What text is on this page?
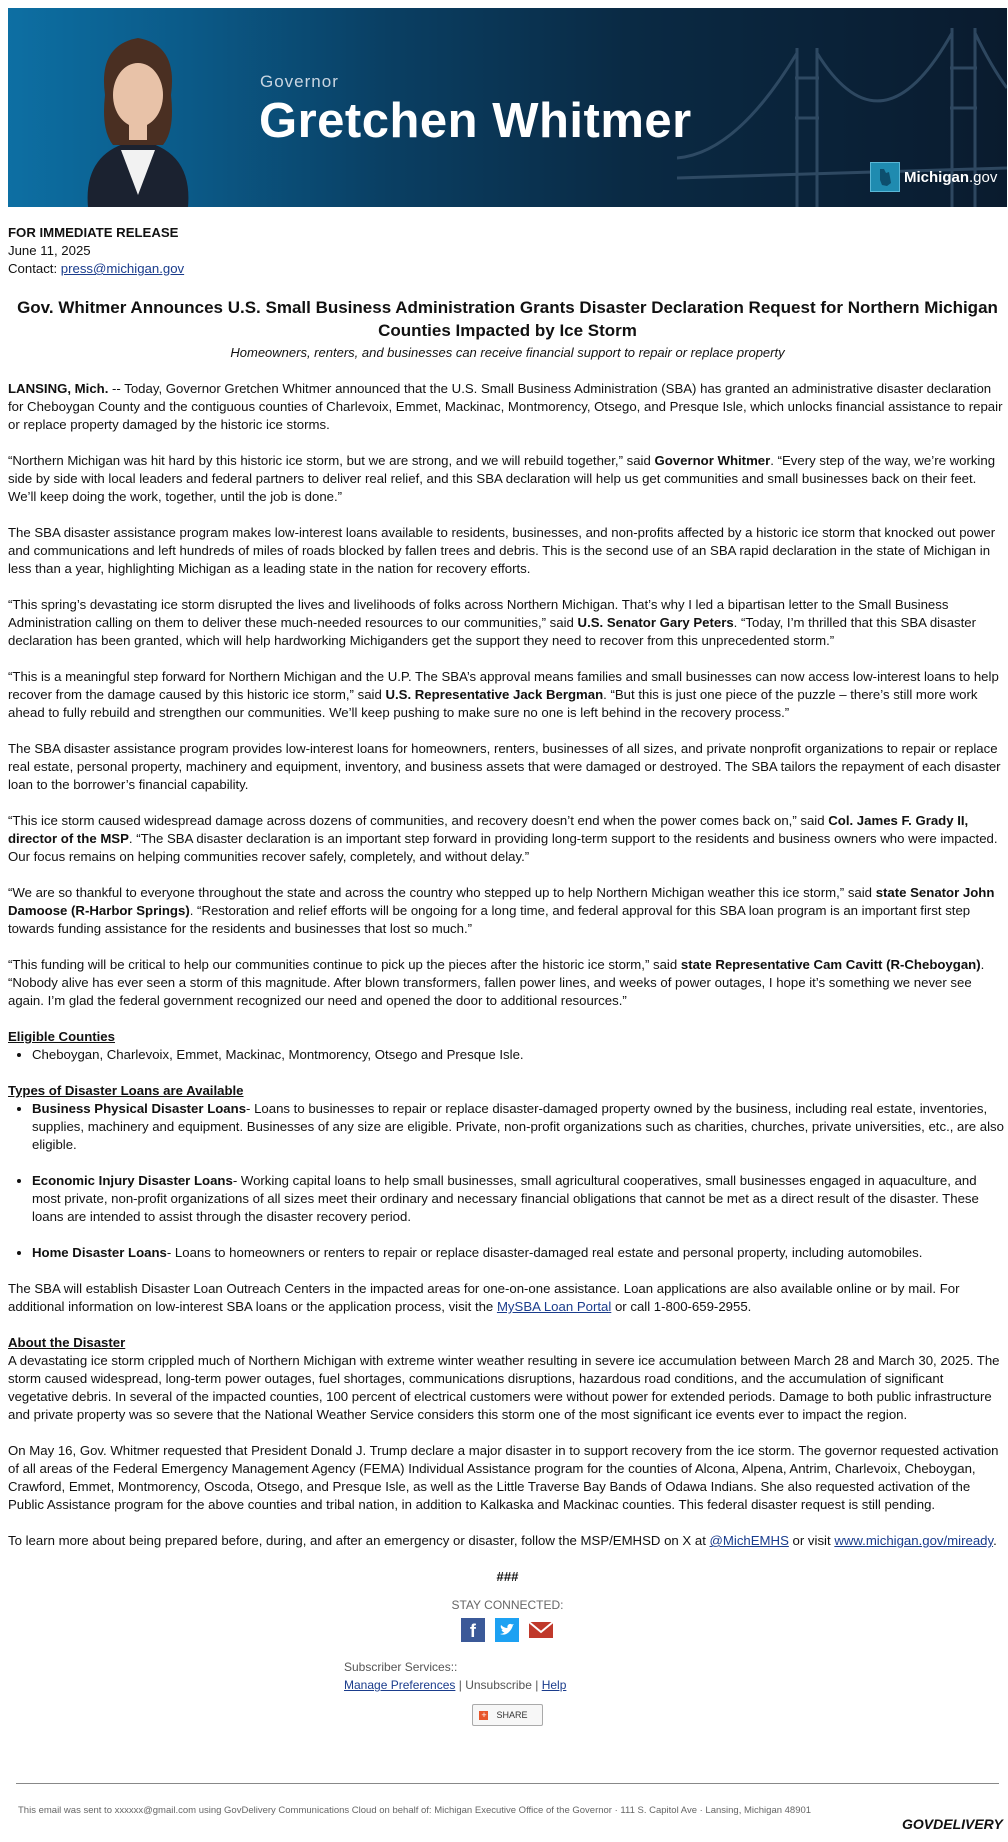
Governor
Gretchen Whitmer
Michigan.gov
FOR IMMEDIATE RELEASE
June 11, 2025
Contact: press@michigan.gov
Gov. Whitmer Announces U.S. Small Business Administration Grants Disaster Declaration Request for Northern Michigan Counties Impacted by Ice Storm
Homeowners, renters, and businesses can receive financial support to repair or replace property

LANSING, Mich. -- Today, Governor Gretchen Whitmer announced that the U.S. Small Business Administration (SBA) has granted an administrative disaster declaration for Cheboygan County and the contiguous counties of Charlevoix, Emmet, Mackinac, Montmorency, Otsego, and Presque Isle, which unlocks financial assistance to repair or replace property damaged by the historic ice storms.

“Northern Michigan was hit hard by this historic ice storm, but we are strong, and we will rebuild together,” said Governor Whitmer. “Every step of the way, we’re working side by side with local leaders and federal partners to deliver real relief, and this SBA declaration will help us get communities and small businesses back on their feet. We’ll keep doing the work, together, until the job is done.”

The SBA disaster assistance program makes low-interest loans available to residents, businesses, and non-profits affected by a historic ice storm that knocked out power and communications and left hundreds of miles of roads blocked by fallen trees and debris. This is the second use of an SBA rapid declaration in the state of Michigan in less than a year, highlighting Michigan as a leading state in the nation for recovery efforts.

“This spring’s devastating ice storm disrupted the lives and livelihoods of folks across Northern Michigan. That’s why I led a bipartisan letter to the Small Business Administration calling on them to deliver these much-needed resources to our communities,” said U.S. Senator Gary Peters. “Today, I’m thrilled that this SBA disaster declaration has been granted, which will help hardworking Michiganders get the support they need to recover from this unprecedented storm.”

“This is a meaningful step forward for Northern Michigan and the U.P. The SBA’s approval means families and small businesses can now access low-interest loans to help recover from the damage caused by this historic ice storm,” said U.S. Representative Jack Bergman. “But this is just one piece of the puzzle – there’s still more work ahead to fully rebuild and strengthen our communities. We’ll keep pushing to make sure no one is left behind in the recovery process.”

The SBA disaster assistance program provides low-interest loans for homeowners, renters, businesses of all sizes, and private nonprofit organizations to repair or replace real estate, personal property, machinery and equipment, inventory, and business assets that were damaged or destroyed. The SBA tailors the repayment of each disaster loan to the borrower’s financial capability.

“This ice storm caused widespread damage across dozens of communities, and recovery doesn’t end when the power comes back on,” said Col. James F. Grady II, director of the MSP. “The SBA disaster declaration is an important step forward in providing long-term support to the residents and business owners who were impacted. Our focus remains on helping communities recover safely, completely, and without delay.”

“We are so thankful to everyone throughout the state and across the country who stepped up to help Northern Michigan weather this ice storm,” said state Senator John Damoose (R-Harbor Springs). “Restoration and relief efforts will be ongoing for a long time, and federal approval for this SBA loan program is an important first step towards funding assistance for the residents and businesses that lost so much.”

“This funding will be critical to help our communities continue to pick up the pieces after the historic ice storm,” said state Representative Cam Cavitt (R-Cheboygan). “Nobody alive has ever seen a storm of this magnitude. After blown transformers, fallen power lines, and weeks of power outages, I hope it’s something we never see again. I’m glad the federal government recognized our need and opened the door to additional resources.”

Eligible Counties
• Cheboygan, Charlevoix, Emmet, Mackinac, Montmorency, Otsego and Presque Isle.
Types of Disaster Loans are Available
• Business Physical Disaster Loans- Loans to businesses to repair or replace disaster-damaged property owned by the business, including real estate, inventories, supplies, machinery and equipment. Businesses of any size are eligible. Private, non-profit organizations such as charities, churches, private universities, etc., are also eligible.
• Economic Injury Disaster Loans- Working capital loans to help small businesses, small agricultural cooperatives, small businesses engaged in aquaculture, and most private, non-profit organizations of all sizes meet their ordinary and necessary financial obligations that cannot be met as a direct result of the disaster. These loans are intended to assist through the disaster recovery period.
• Home Disaster Loans- Loans to homeowners or renters to repair or replace disaster-damaged real estate and personal property, including automobiles.

The SBA will establish Disaster Loan Outreach Centers in the impacted areas for one-on-one assistance. Loan applications are also available online or by mail. For additional information on low-interest SBA loans or the application process, visit the MySBA Loan Portal or call 1-800-659-2955.

About the Disaster

A devastating ice storm crippled much of Northern Michigan with extreme winter weather resulting in severe ice accumulation between March 28 and March 30, 2025. The storm caused widespread, long-term power outages, fuel shortages, communications disruptions, hazardous road conditions, and the accumulation of significant vegetative debris. In several of the impacted counties, 100 percent of electrical customers were without power for extended periods. Damage to both public infrastructure and private property was so severe that the National Weather Service considers this storm one of the most significant ice events ever to impact the region.

On May 16, Gov. Whitmer requested that President Donald J. Trump declare a major disaster in to support recovery from the ice storm. The governor requested activation of all areas of the Federal Emergency Management Agency (FEMA) Individual Assistance program for the counties of Alcona, Alpena, Antrim, Charlevoix, Cheboygan, Crawford, Emmet, Montmorency, Oscoda, Otsego, and Presque Isle, as well as the Little Traverse Bay Bands of Odawa Indians. She also requested activation of the Public Assistance program for the above counties and tribal nation, in addition to Kalkaska and Mackinac counties. This federal disaster request is still pending.

To learn more about being prepared before, during, and after an emergency or disaster, follow the MSP/EMHSD on X at @MichEMHS or visit www.michigan.gov/miready.

###
STAY CONNECTED:
f
Subscriber Services::
Manage Preferences | Unsubscribe | Help
+ SHARE
This email was sent to xxxxxx@gmail.com using GovDelivery Communications Cloud on behalf of: Michigan Executive Office of the Governor · 111 S. Capitol Ave · Lansing, Michigan 48901
GOVDELIVERY
